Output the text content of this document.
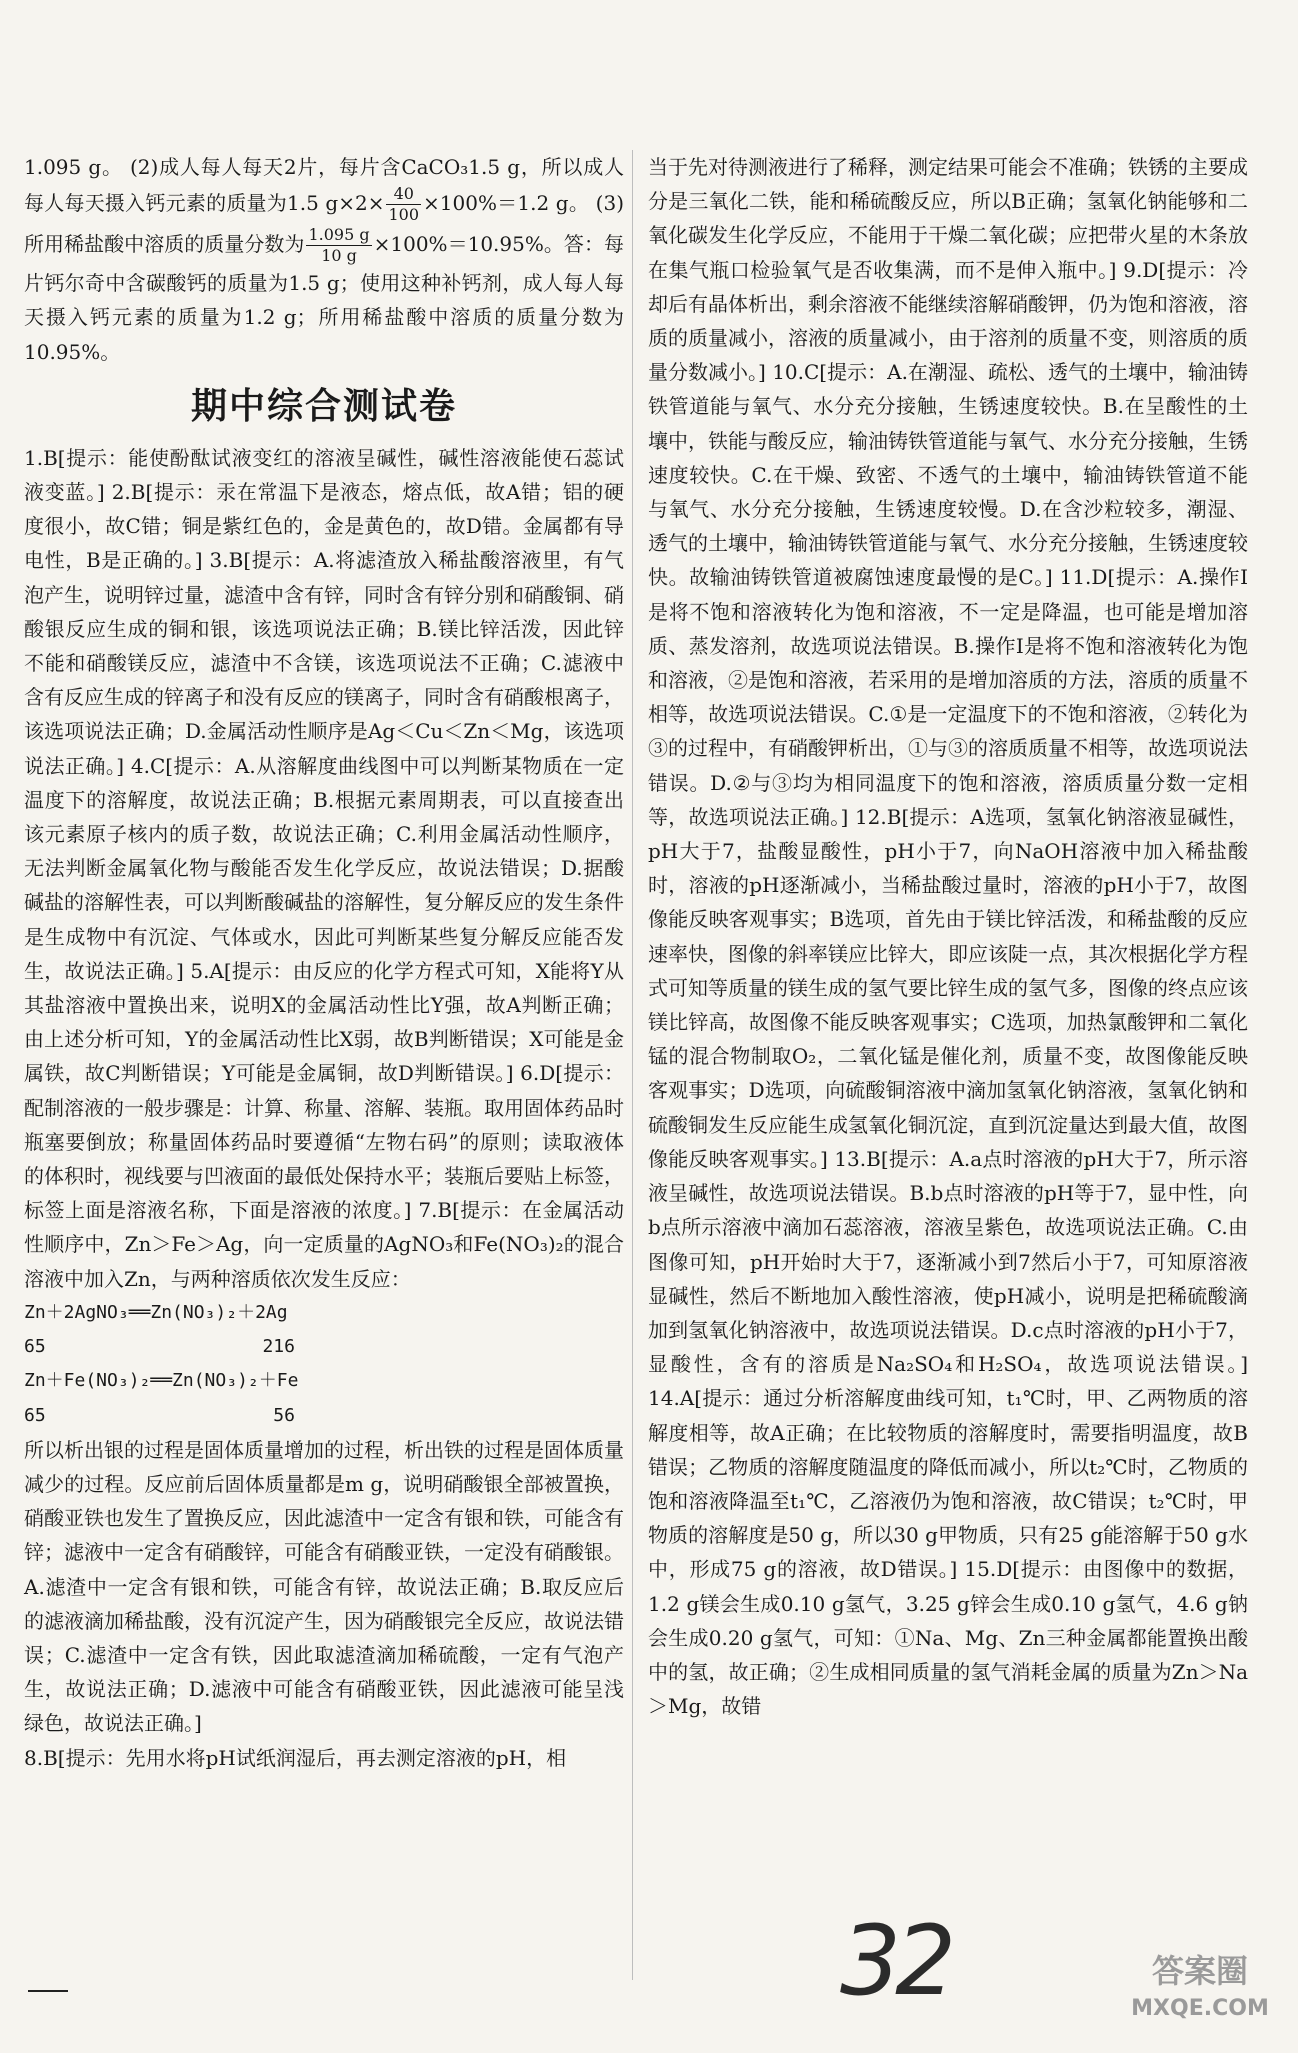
1.095 g。 (2)成人每人每天2片，每片含CaCO₃1.5 g，所以成人每人每天摄入钙元素的质量为1.5 $g\times 2\times \frac{40}{100} \times 100\%=1.2$ g。 (3)所用稀盐酸中溶质的质量分数为 $\frac{1.095 g}{10 g} \times 100\%=10.95\%$。答：每片钙尔奇中含碳酸钙的质量为1.5 g；使用这种补钙剂，成人每人每天摄入钙元素的质量为1.2 g；所用稀盐酸中溶质的质量分数为10.95%。

期中综合测试卷

1.B[提示：能使酚酞试液变红的溶液呈碱性，碱性溶液能使石蕊试液变蓝。] 2.B[提示：汞在常温下是液态，熔点低，故A错；铝的硬度很小，故C错；铜是紫红色的，金是黄色的，故D错。金属都有导电性，B是正确的。] 3.B[提示：A.将滤渣放入稀盐酸溶液里，有气泡产生，说明锌过量，滤渣中含有锌，同时含有锌分别和硝酸铜、硝酸银反应生成的铜和银，该选项说法正确；B.镁比锌活泼，因此锌不能和硝酸镁反应，滤渣中不含镁，该选项说法不正确；C.滤液中含有反应生成的锌离子和没有反应的镁离子，同时含有硝酸根离子，该选项说法正确；D.金属活动性顺序是Ag＜Cu＜Zn＜Mg，该选项说法正确。] 4.C[提示：A.从溶解度曲线图中可以判断某物质在一定温度下的溶解度，故说法正确；B.根据元素周期表，可以直接查出该元素原子核内的质子数，故说法正确；C.利用金属活动性顺序，无法判断金属氧化物与酸能否发生化学反应，故说法错误；D.据酸碱盐的溶解性表，可以判断酸碱盐的溶解性，复分解反应的发生条件是生成物中有沉淀、气体或水，因此可判断某些复分解反应能否发生，故说法正确。] 5.A[提示：由反应的化学方程式可知，X能将Y从其盐溶液中置换出来，说明X的金属活动性比Y强，故A判断正确；由上述分析可知，Y的金属活动性比X弱，故B判断错误；X可能是金属铁，故C判断错误；Y可能是金属铜，故D判断错误。] 6.D[提示：配制溶液的一般步骤是：计算、称量、溶解、装瓶。取用固体药品时瓶塞要倒放；称量固体药品时要遵循“左物右码”的原则；读取液体的体积时，视线要与凹液面的最低处保持水平；装瓶后要贴上标签，标签上面是溶液名称，下面是溶液的浓度。] 7.B[提示：在金属活动性顺序中，Zn＞Fe＞Ag，向一定质量的AgNO₃和Fe(NO₃)₂的混合溶液中加入Zn，与两种溶质依次发生反应：

Zn＋2AgNO₃══Zn(NO₃)₂＋2Ag

65	216

Zn＋Fe(NO₃)₂══Zn(NO₃)₂＋Fe

65	56

所以析出银的过程是固体质量增加的过程，析出铁的过程是固体质量减少的过程。反应前后固体质量都是m g，说明硝酸银全部被置换，硝酸亚铁也发生了置换反应，因此滤渣中一定含有银和铁，可能含有锌；滤液中一定含有硝酸锌，可能含有硝酸亚铁，一定没有硝酸银。A.滤渣中一定含有银和铁，可能含有锌，故说法正确；B.取反应后的滤液滴加稀盐酸，没有沉淀产生，因为硝酸银完全反应，故说法错误；C.滤渣中一定含有铁，因此取滤渣滴加稀硫酸，一定有气泡产生，故说法正确；D.滤液中可能含有硝酸亚铁，因此滤液可能呈浅绿色，故说法正确。]

8.B[提示：先用水将pH试纸润湿后，再去测定溶液的pH，相

当于先对待测液进行了稀释，测定结果可能会不准确；铁锈的主要成分是三氧化二铁，能和稀硫酸反应，所以B正确；氢氧化钠能够和二氧化碳发生化学反应，不能用于干燥二氧化碳；应把带火星的木条放在集气瓶口检验氧气是否收集满，而不是伸入瓶中。] 9.D[提示：冷却后有晶体析出，剩余溶液不能继续溶解硝酸钾，仍为饱和溶液，溶质的质量减小，溶液的质量减小，由于溶剂的质量不变，则溶质的质量分数减小。] 10.C[提示：A.在潮湿、疏松、透气的土壤中，输油铸铁管道能与氧气、水分充分接触，生锈速度较快。B.在呈酸性的土壤中，铁能与酸反应，输油铸铁管道能与氧气、水分充分接触，生锈速度较快。C.在干燥、致密、不透气的土壤中，输油铸铁管道不能与氧气、水分充分接触，生锈速度较慢。D.在含沙粒较多，潮湿、透气的土壤中，输油铸铁管道能与氧气、水分充分接触，生锈速度较快。故输油铸铁管道被腐蚀速度最慢的是C。] 11.D[提示：A.操作Ⅰ是将不饱和溶液转化为饱和溶液，不一定是降温，也可能是增加溶质、蒸发溶剂，故选项说法错误。B.操作Ⅰ是将不饱和溶液转化为饱和溶液，②是饱和溶液，若采用的是增加溶质的方法，溶质的质量不相等，故选项说法错误。C.①是一定温度下的不饱和溶液，②转化为③的过程中，有硝酸钾析出，①与③的溶质质量不相等，故选项说法错误。D.②与③均为相同温度下的饱和溶液，溶质质量分数一定相等，故选项说法正确。] 12.B[提示：A选项，氢氧化钠溶液显碱性，pH大于7，盐酸显酸性，pH小于7，向NaOH溶液中加入稀盐酸时，溶液的pH逐渐减小，当稀盐酸过量时，溶液的pH小于7，故图像能反映客观事实；B选项，首先由于镁比锌活泼，和稀盐酸的反应速率快，图像的斜率镁应比锌大，即应该陡一点，其次根据化学方程式可知等质量的镁生成的氢气要比锌生成的氢气多，图像的终点应该镁比锌高，故图像不能反映客观事实；C选项，加热氯酸钾和二氧化锰的混合物制取O₂，二氧化锰是催化剂，质量不变，故图像能反映客观事实；D选项，向硫酸铜溶液中滴加氢氧化钠溶液，氢氧化钠和硫酸铜发生反应能生成氢氧化铜沉淀，直到沉淀量达到最大值，故图像能反映客观事实。] 13.B[提示：A.a点时溶液的pH大于7，所示溶液呈碱性，故选项说法错误。B.b点时溶液的pH等于7，显中性，向b点所示溶液中滴加石蕊溶液，溶液呈紫色，故选项说法正确。C.由图像可知，pH开始时大于7，逐渐减小到7然后小于7，可知原溶液显碱性，然后不断地加入酸性溶液，使pH减小，说明是把稀硫酸滴加到氢氧化钠溶液中，故选项说法错误。D.c点时溶液的pH小于7，显酸性，含有的溶质是Na₂SO₄和H₂SO₄，故选项说法错误。] 14.A[提示：通过分析溶解度曲线可知，t₁℃时，甲、乙两物质的溶解度相等，故A正确；在比较物质的溶解度时，需要指明温度，故B错误；乙物质的溶解度随温度的降低而减小，所以t₂℃时，乙物质的饱和溶液降温至t₁℃，乙溶液仍为饱和溶液，故C错误；t₂℃时，甲物质的溶解度是50 g，所以30 g甲物质，只有25 g能溶解于50 g水中，形成75 g的溶液，故D错误。] 15.D[提示：由图像中的数据，1.2 g镁会生成0.10 g氢气，3.25 g锌会生成0.10 g氢气，4.6 g钠会生成0.20 g氢气，可知：①Na、Mg、Zn三种金属都能置换出酸中的氢，故正确；②生成相同质量的氢气消耗金属的质量为Zn＞Na＞Mg，故错

32	答案圈
MXQE.COM
